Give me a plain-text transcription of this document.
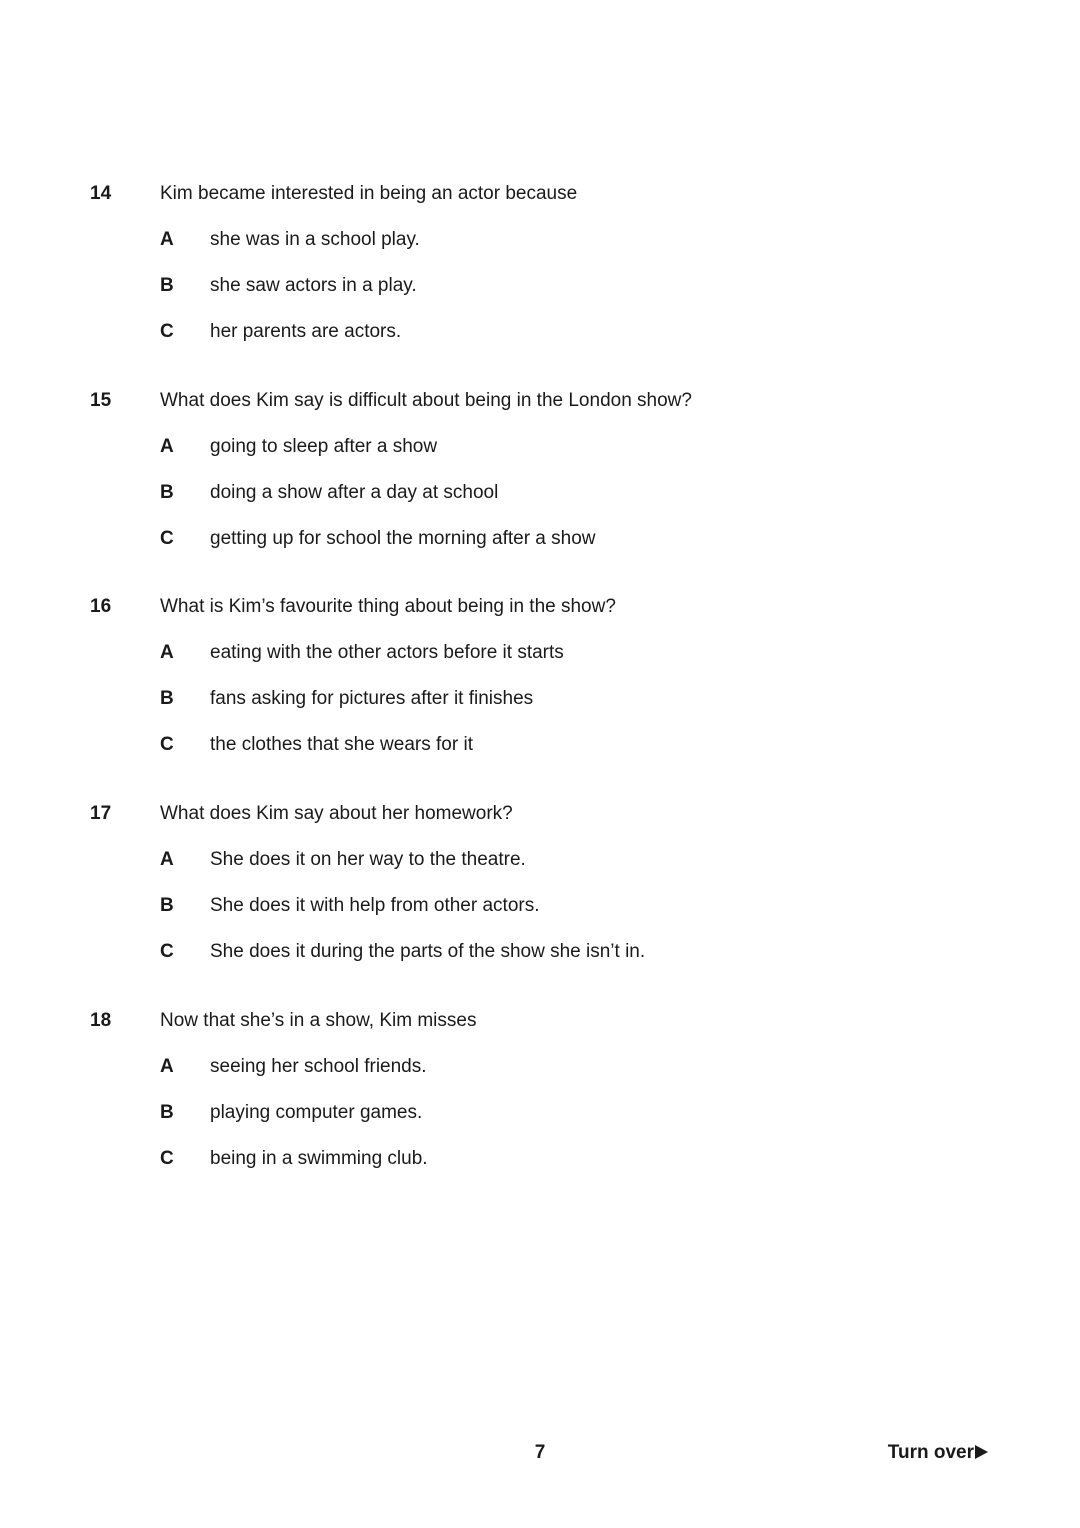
14	Kim became interested in being an actor because
A she was in a school play.
B she saw actors in a play.
C her parents are actors.
15	What does Kim say is difficult about being in the London show?
A going to sleep after a show
B doing a show after a day at school
C getting up for school the morning after a show
16	What is Kim’s favourite thing about being in the show?
A eating with the other actors before it starts
B fans asking for pictures after it finishes
C the clothes that she wears for it
17	What does Kim say about her homework?
A She does it on her way to the theatre.
B She does it with help from other actors.
C She does it during the parts of the show she isn’t in.
18	Now that she’s in a show, Kim misses
A seeing her school friends.
B playing computer games.
C being in a swimming club.
7	Turn over
